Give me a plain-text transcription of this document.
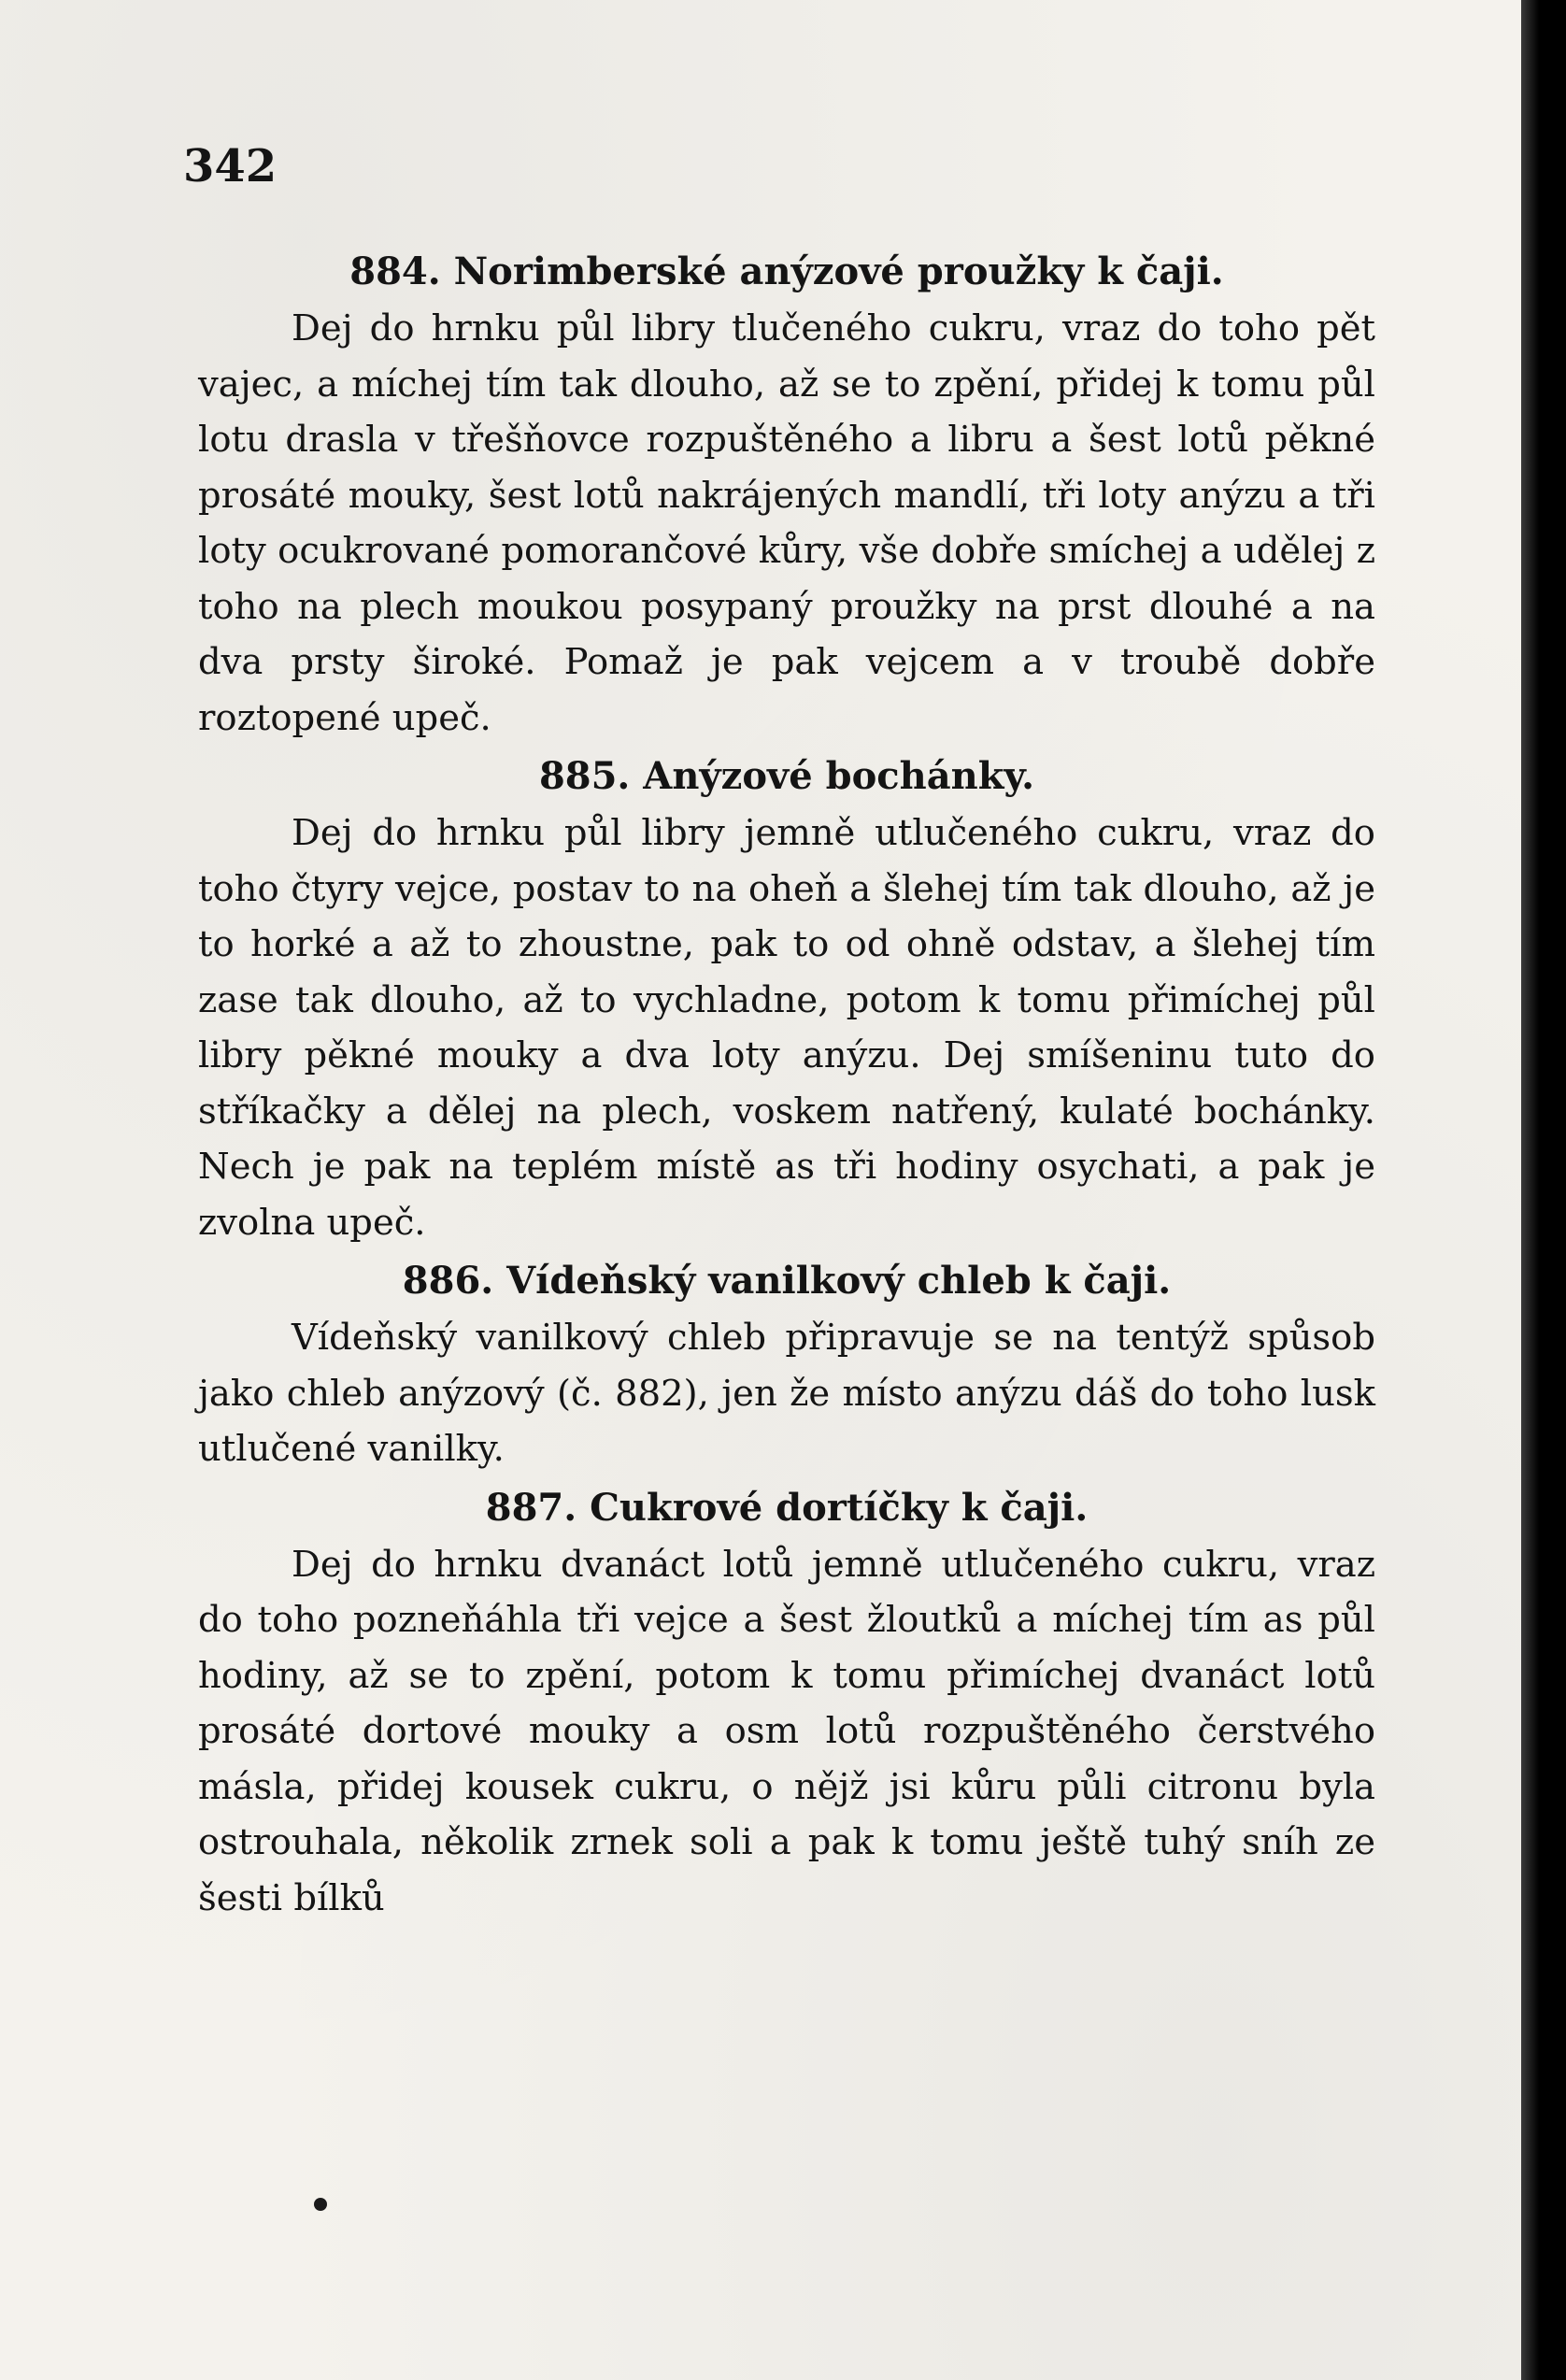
342

884. Norimberské anýzové proužky k čaji.

Dej do hrnku půl libry tlučeného cukru, vraz do toho pět vajec, a míchej tím tak dlouho, až se to zpění, přidej k tomu půl lotu drasla v třešňovce rozpuštěného a libru a šest lotů pěkné prosáté mouky, šest lotů nakrájených mandlí, tři loty anýzu a tři loty ocukrované pomorančové kůry, vše dobře smíchej a udělej z toho na plech moukou posypaný proužky na prst dlouhé a na dva prsty široké. Pomaž je pak vejcem a v troubě dobře roztopené upeč.

885. Anýzové bochánky.

Dej do hrnku půl libry jemně utlučeného cukru, vraz do toho čtyry vejce, postav to na oheň a šlehej tím tak dlouho, až je to horké a až to zhoustne, pak to od ohně odstav, a šlehej tím zase tak dlouho, až to vychladne, potom k tomu přimíchej půl libry pěkné mouky a dva loty anýzu. Dej smíšeninu tuto do stříkačky a dělej na plech, voskem natřený, kulaté bochánky. Nech je pak na teplém místě as tři hodiny osychati, a pak je zvolna upeč.

886. Vídeňský vanilkový chleb k čaji.

Vídeňský vanilkový chleb připravuje se na tentýž spůsob jako chleb anýzový (č. 882), jen že místo anýzu dáš do toho lusk utlučené vanilky.

887. Cukrové dortíčky k čaji.

Dej do hrnku dvanáct lotů jemně utlučeného cukru, vraz do toho pozneňáhla tři vejce a šest žloutků a míchej tím as půl hodiny, až se to zpění, potom k tomu přimíchej dvanáct lotů prosáté dortové mouky a osm lotů rozpuštěného čerstvého másla, přidej kousek cukru, o nějž jsi kůru půli citronu byla ostrouhala, několik zrnek soli a pak k tomu ještě tuhý sníh ze šesti bílků
